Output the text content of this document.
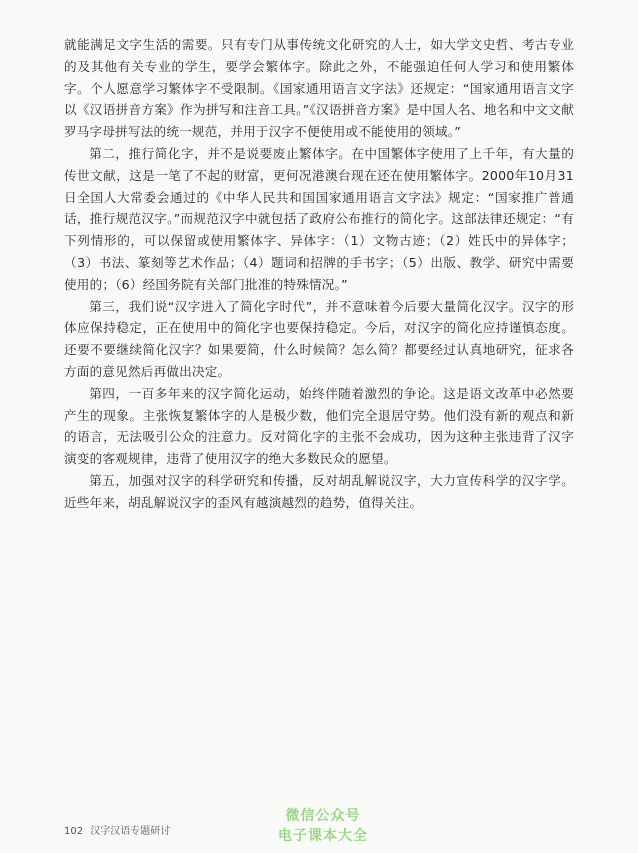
就能满足文字生活的需要。只有专门从事传统文化研究的人士，如大学文史哲、考古专业的及其他有关专业的学生，要学会繁体字。除此之外，不能强迫任何人学习和使用繁体字。个人愿意学习繁体字不受限制。《国家通用语言文字法》还规定：“国家通用语言文字以《汉语拼音方案》作为拼写和注音工具。”《汉语拼音方案》是中国人名、地名和中文文献罗马字母拼写法的统一规范，并用于汉字不便使用或不能使用的领域。”

第二，推行简化字，并不是说要废止繁体字。在中国繁体字使用了上千年，有大量的传世文献，这是一笔了不起的财富，更何况港澳台现在还在使用繁体字。2000年10月31日全国人大常委会通过的《中华人民共和国国家通用语言文字法》规定：“国家推广普通话，推行规范汉字。”而规范汉字中就包括了政府公布推行的简化字。这部法律还规定：“有下列情形的，可以保留或使用繁体字、异体字：（1）文物古迹；（2）姓氏中的异体字；（3）书法、篆刻等艺术作品；（4）题词和招牌的手书字；（5）出版、教学、研究中需要使用的；（6）经国务院有关部门批准的特殊情况。”

第三，我们说“汉字进入了简化字时代”，并不意味着今后要大量简化汉字。汉字的形体应保持稳定，正在使用中的简化字也要保持稳定。今后，对汉字的简化应持谨慎态度。还要不要继续简化汉字？如果要简，什么时候简？怎么简？都要经过认真地研究，征求各方面的意见然后再做出决定。

第四，一百多年来的汉字简化运动，始终伴随着激烈的争论。这是语文改革中必然要产生的现象。主张恢复繁体字的人是极少数，他们完全退居守势。他们没有新的观点和新的语言，无法吸引公众的注意力。反对简化字的主张不会成功，因为这种主张违背了汉字演变的客观规律，违背了使用汉字的绝大多数民众的愿望。

第五，加强对汉字的科学研究和传播，反对胡乱解说汉字，大力宣传科学的汉字学。近些年来，胡乱解说汉字的歪风有越演越烈的趋势，值得关注。

微信公众号
电子课本大全
102 汉字汉语专题研讨
